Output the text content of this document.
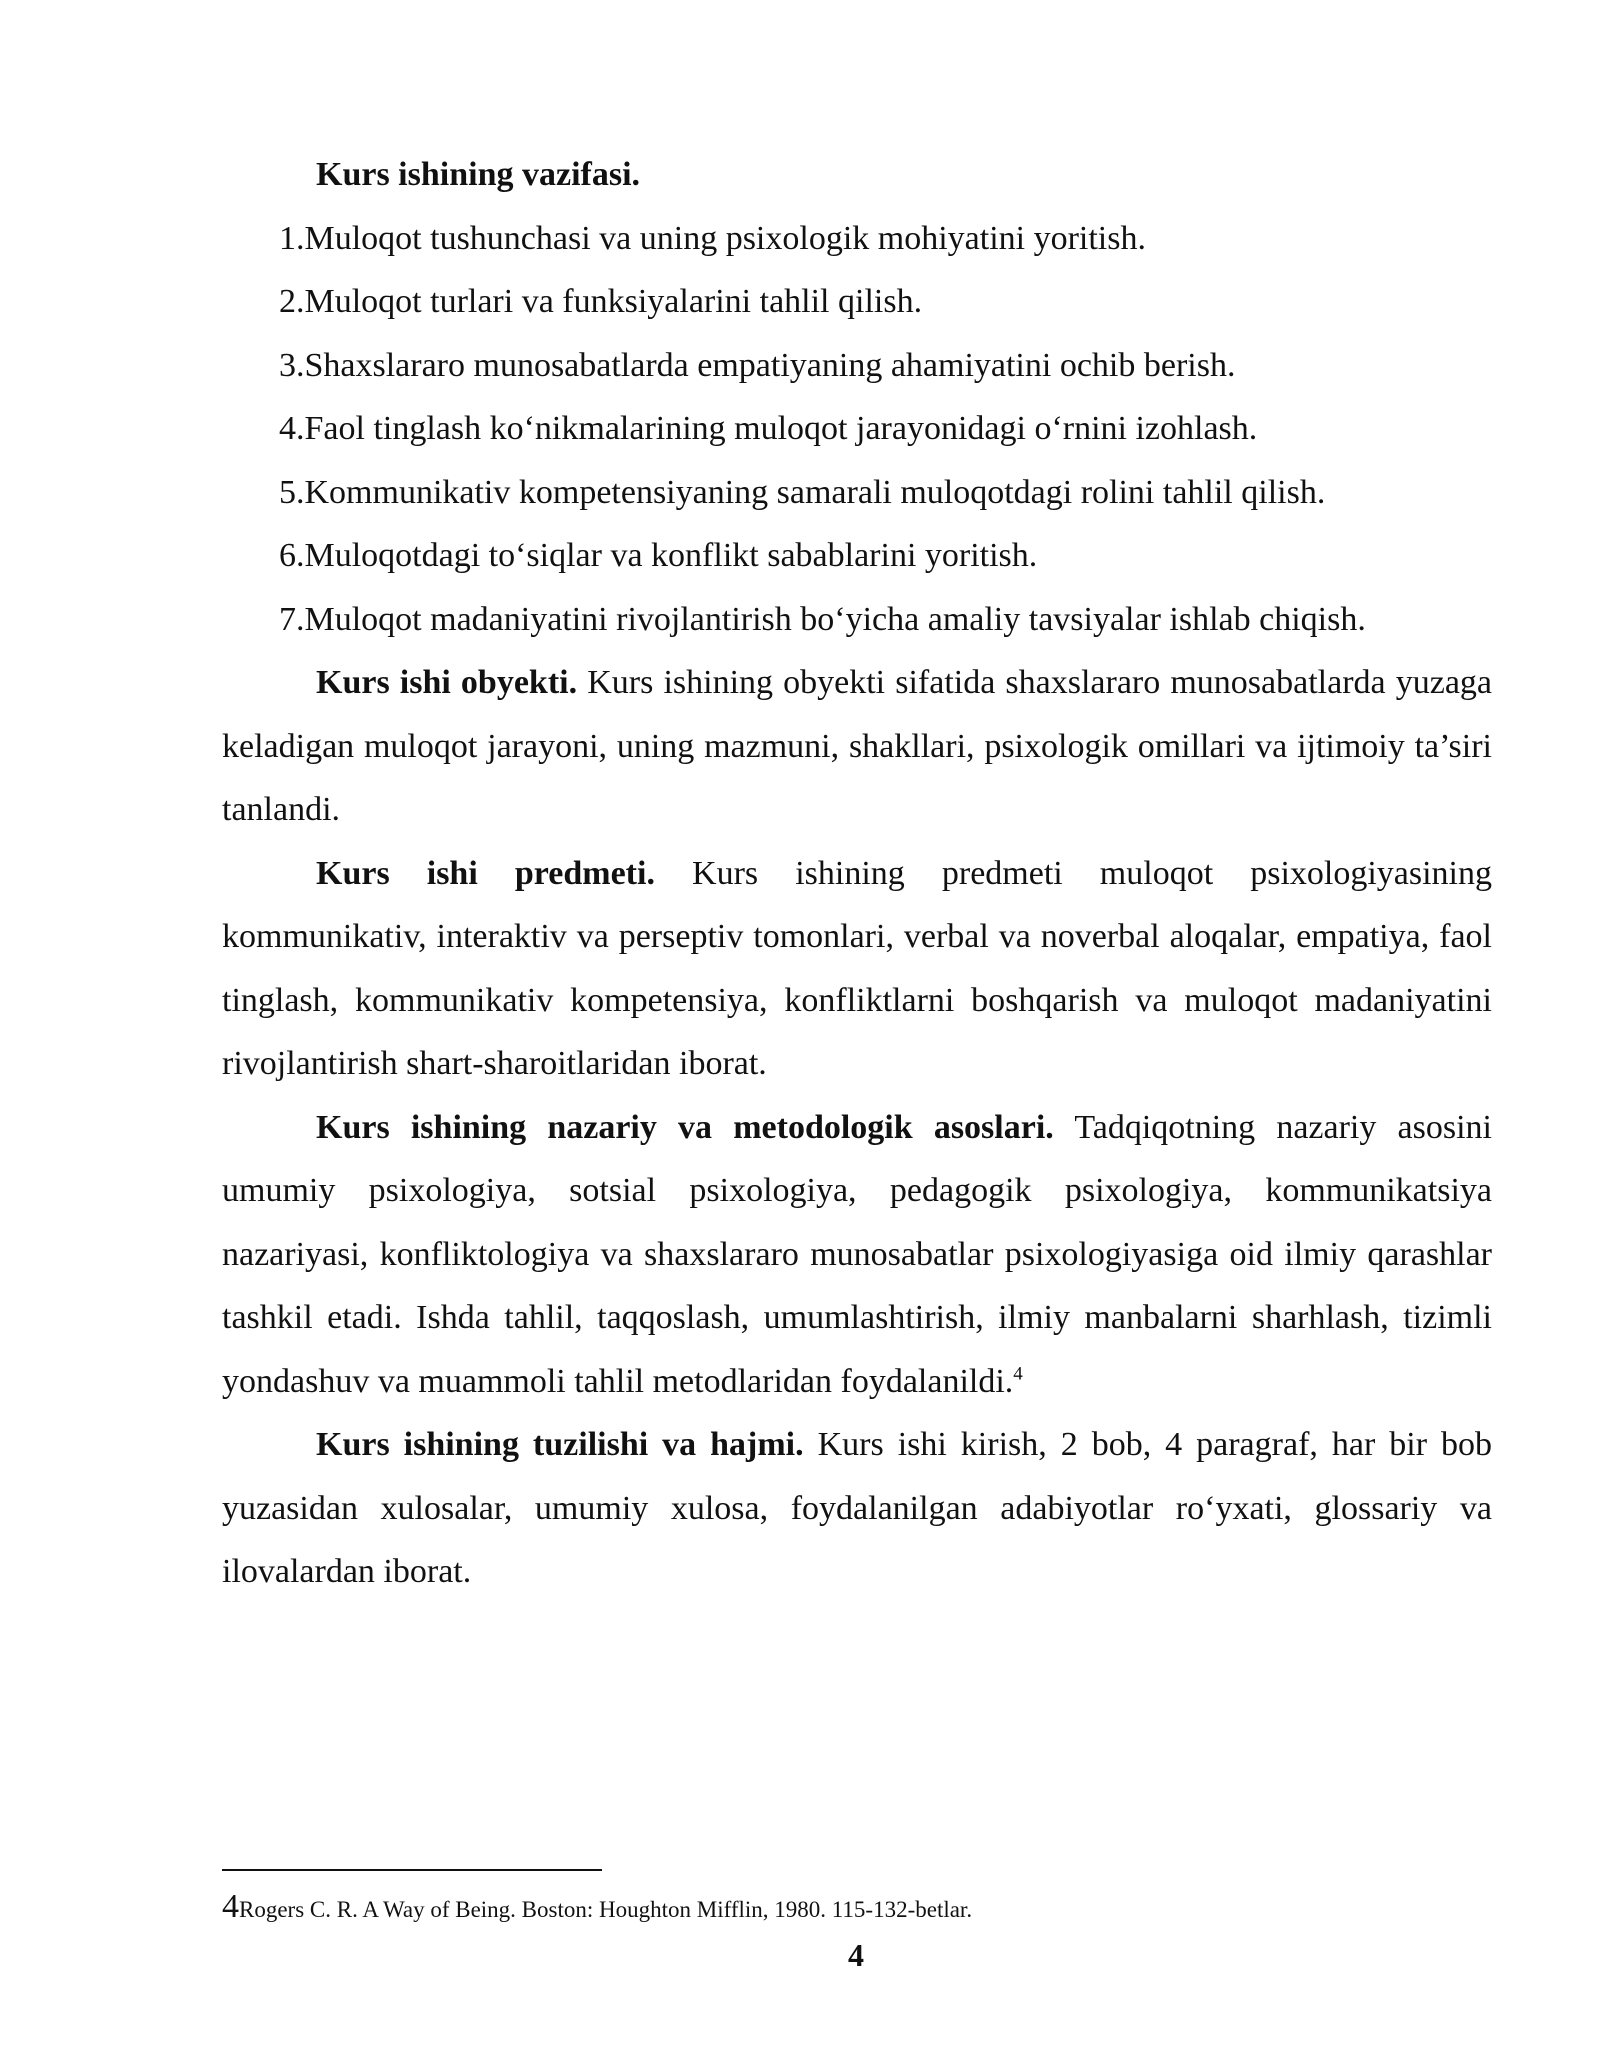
Kurs ishining vazifasi.

1.Muloqot tushunchasi va uning psixologik mohiyatini yoritish.
2.Muloqot turlari va funksiyalarini tahlil qilish.
3.Shaxslararo munosabatlarda empatiyaning ahamiyatini ochib berish.
4.Faol tinglash ko‘nikmalarining muloqot jarayonidagi o‘rnini izohlash.
5.Kommunikativ kompetensiyaning samarali muloqotdagi rolini tahlil qilish.
6.Muloqotdagi to‘siqlar va konflikt sabablarini yoritish.
7.Muloqot madaniyatini rivojlantirish bo‘yicha amaliy tavsiyalar ishlab chiqish.

Kurs ishi obyekti. Kurs ishining obyekti sifatida shaxslararo munosabatlarda yuzaga keladigan muloqot jarayoni, uning mazmuni, shakllari, psixologik omillari va ijtimoiy ta’siri tanlandi.

Kurs ishi predmeti. Kurs ishining predmeti muloqot psixologiyasining kommunikativ, interaktiv va perseptiv tomonlari, verbal va noverbal aloqalar, empatiya, faol tinglash, kommunikativ kompetensiya, konfliktlarni boshqarish va muloqot madaniyatini rivojlantirish shart-sharoitlaridan iborat.

Kurs ishining nazariy va metodologik asoslari. Tadqiqotning nazariy asosini umumiy psixologiya, sotsial psixologiya, pedagogik psixologiya, kommunikatsiya nazariyasi, konfliktologiya va shaxslararo munosabatlar psixologiyasiga oid ilmiy qarashlar tashkil etadi. Ishda tahlil, taqqoslash, umumlashtirish, ilmiy manbalarni sharhlash, tizimli yondashuv va muammoli tahlil metodlaridan foydalanildi.$^4$

Kurs ishining tuzilishi va hajmi. Kurs ishi kirish, 2 bob, 4 paragraf, har bir bob yuzasidan xulosalar, umumiy xulosa, foydalanilgan adabiyotlar ro‘yxati, glossariy va ilovalardan iborat.

4Rogers C. R. A Way of Being. Boston: Houghton Mifflin, 1980. 115-132-betlar.
4
